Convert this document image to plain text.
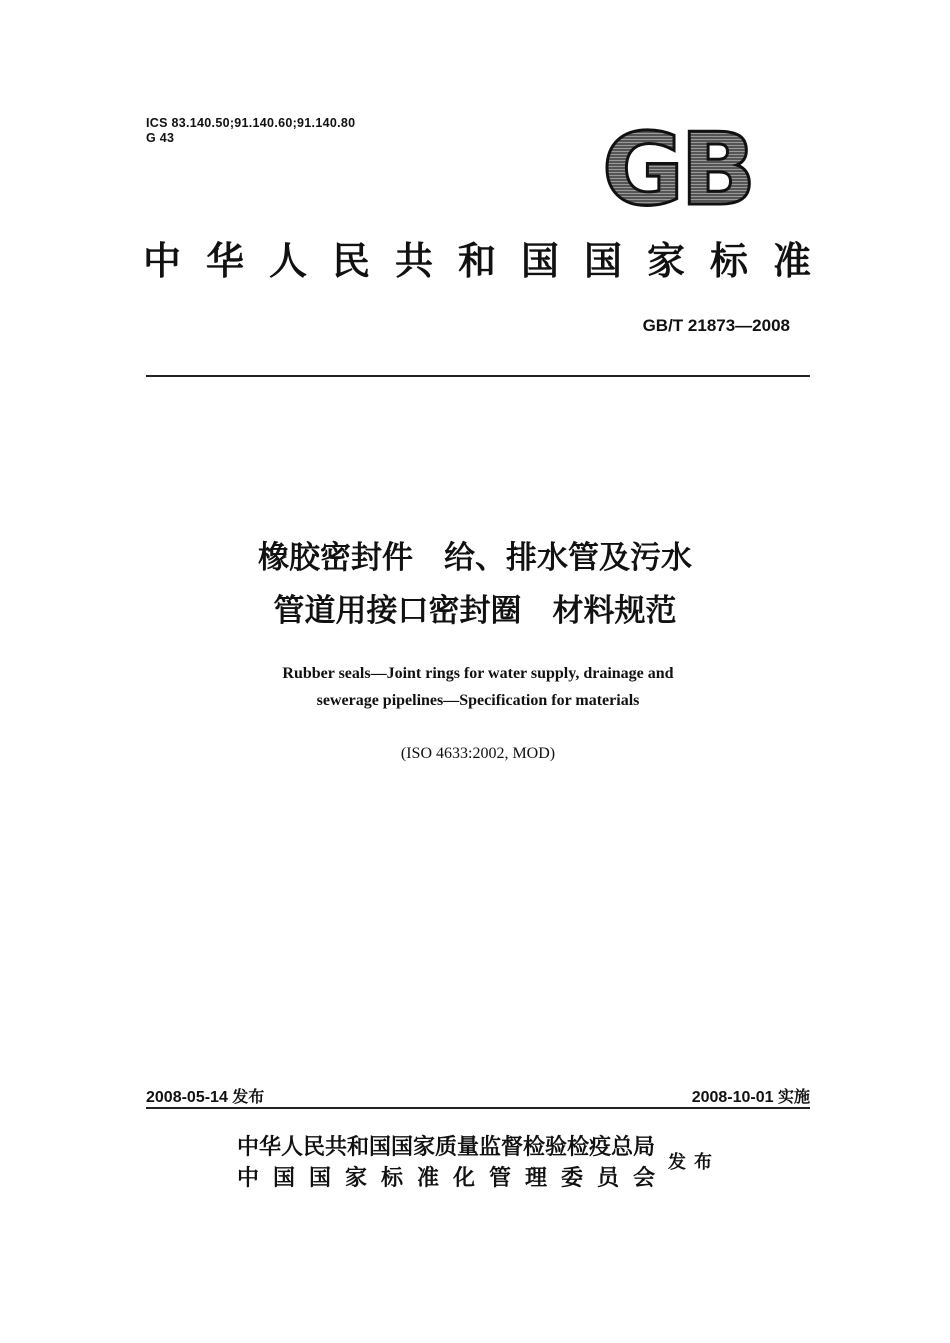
ICS 83.140.50;91.140.60;91.140.80
G 43	GB
中华人民共和国国家标准
GB/T 21873—2008
橡胶密封件　给、排水管及污水
管道用接口密封圈　材料规范
Rubber seals—Joint rings for water supply, drainage and
sewerage pipelines—Specification for materials
(ISO 4633:2002, MOD)
2008-05-14 发布	2008-10-01 实施
中华人民共和国国家质量监督检验检疫总局
中国国家标准化管理委员会
发布
